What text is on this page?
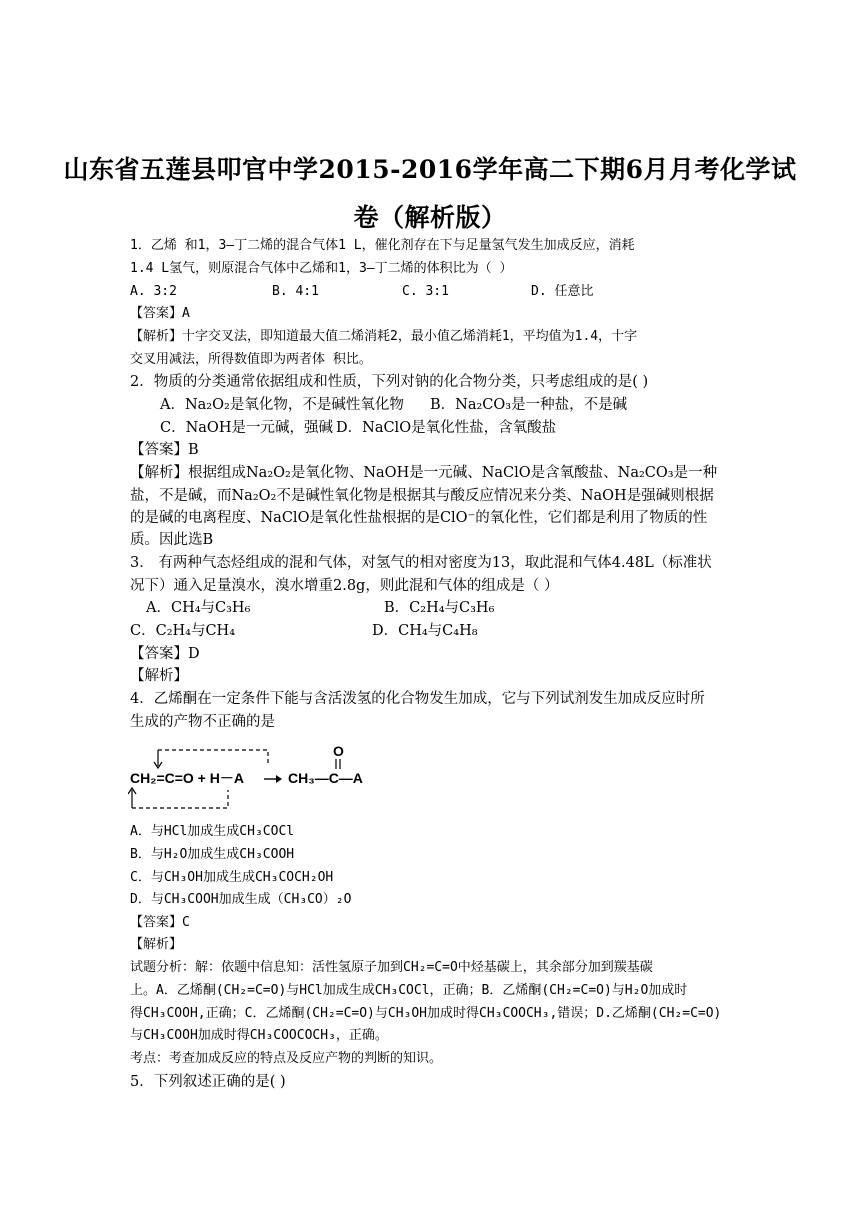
山东省五莲县叩官中学2015-2016学年高二下期6月月考化学试
卷（解析版）
1．乙烯 和1，3—丁二烯的混合气体1 L，催化剂存在下与足量氢气发生加成反应，消耗
1.4 L氢气，则原混合气体中乙烯和1，3—丁二烯的体积比为（ ）
A. 3:2	B. 4:1	C. 3:1	D. 任意比
【答案】A
【解析】十字交叉法，即知道最大值二烯消耗2，最小值乙烯消耗1，平均值为1.4，十字
交叉用减法，所得数值即为两者体 积比。
2．物质的分类通常依据组成和性质，下列对钠的化合物分类，只考虑组成的是( )
A．Na₂O₂是氧化物，不是碱性氧化物 B．Na₂CO₃是一种盐，不是碱
C．NaOH是一元碱，强碱 D．NaClO是氧化性盐，含氧酸盐
【答案】B
【解析】根据组成Na₂O₂是氧化物、NaOH是一元碱、NaClO是含氧酸盐、Na₂CO₃是一种
盐，不是碱，而Na₂O₂不是碱性氧化物是根据其与酸反应情况来分类、NaOH是强碱则根据
的是碱的电离程度、NaClO是氧化性盐根据的是ClO⁻的氧化性，它们都是利用了物质的性
质。因此选B
3． 有两种气态烃组成的混和气体，对氢气的相对密度为13，取此混和气体4.48L（标准状
况下）通入足量溴水，溴水增重2.8g，则此混和气体的组成是（ ）
A．CH₄与C₃H₆	B．C₂H₄与C₃H₆
C．C₂H₄与CH₄	D．CH₄与C₄H₈
【答案】D
【解析】
4．乙烯酮在一定条件下能与含活泼氢的化合物发生加成，它与下列试剂发生加成反应时所
生成的产物不正确的是
CH₂=C=O + H－A	CH₃—C—A
O
A．与HCl加成生成CH₃COCl
B．与H₂O加成生成CH₃COOH
C．与CH₃OH加成生成CH₃COCH₂OH
D．与CH₃COOH加成生成（CH₃CO）₂O
【答案】C
【解析】
试题分析：解：依题中信息知：活性氢原子加到CH₂=C=O中烃基碳上，其余部分加到羰基碳
上。A．乙烯酮(CH₂=C=O)与HCl加成生成CH₃COCl，正确；B．乙烯酮(CH₂=C=O)与H₂O加成时
得CH₃COOH,正确；C．乙烯酮(CH₂=C=O)与CH₃OH加成时得CH₃COOCH₃,错误；D.乙烯酮(CH₂=C=O)
与CH₃COOH加成时得CH₃COOCOCH₃，正确。
考点：考查加成反应的特点及反应产物的判断的知识。
5．下列叙述正确的是( )
